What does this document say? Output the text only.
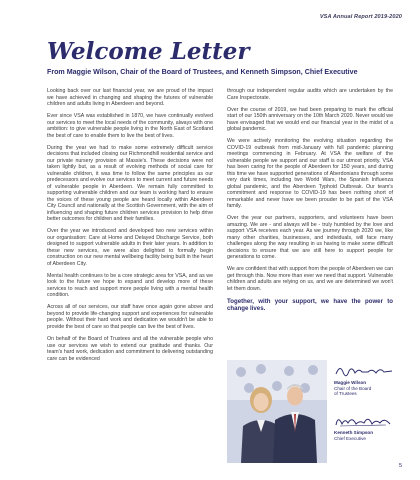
VSA Annual Report 2019-2020
Welcome Letter
From Maggie Wilson, Chair of the Board of Trustees, and Kenneth Simpson, Chief Executive

Looking back over our last financial year, we are proud of the impact we have achieved in changing and shaping the futures of vulnerable children and adults living in Aberdeen and beyond.

Ever since VSA was established in 1870, we have continually evolved our services to meet the local needs of the community, always with one ambition: to give vulnerable people living in the North East of Scotland the best of care to enable them to live the best of lives.

During the year we had to make some extremely difficult service decisions that included closing our Richmondhill residential service and our private nursery provision at Massie's. These decisions were not taken lightly but, as a result of evolving methods of social care for vulnerable children, it was time to follow the same principles as our predecessors and evolve our services to meet current and future needs of vulnerable people in Aberdeen. We remain fully committed to supporting vulnerable children and our team is working hard to ensure the voices of these young people are heard locally within Aberdeen City Council and nationally at the Scottish Government, with the aim of influencing and shaping future children services provision to help drive better outcomes for children and their families.

Over the year we introduced and developed two new services within our organisation: Care at Home and Delayed Discharge Service, both designed to support vulnerable adults in their later years. In addition to these new services, we were also delighted to formally begin construction on our new mental wellbeing facility being built in the heart of Aberdeen City.

Mental health continues to be a core strategic area for VSA, and as we look to the future we hope to expand and develop more of these services to reach and support more people living with a mental health condition.

Across all of our services, our staff have once again gone above and beyond to provide life-changing support and experiences for vulnerable people. Without their hard work and dedication we wouldn't be able to provide the best of care so that people can live the best of lives.

On behalf of the Board of Trustees and all the vulnerable people who use our services we wish to extend our gratitude and thanks. Our team's hard work, dedication and commitment to delivering outstanding care can be evidenced

through our independent regular audits which are undertaken by the Care Inspectorate.

Over the course of 2019, we had been preparing to mark the official start of our 150th anniversary on the 10th March 2020. Never would we have envisaged that we would end our financial year in the midst of a global pandemic.

We were actively monitoring the evolving situation regarding the COVID-19 outbreak from mid-January with full pandemic planning meetings commencing in February. At VSA the welfare of the vulnerable people we support and our staff is our utmost priority. VSA has been caring for the people of Aberdeen for 150 years, and during this time we have supported generations of Aberdonians through some very dark times, including two World Wars, the Spanish Influenza global pandemic, and the Aberdeen Typhoid Outbreak. Our team's commitment and response to COVID-19 has been nothing short of remarkable and never have we been prouder to be part of the VSA family.

Over the year our partners, supporters, and volunteers have been amazing. We are - and always will be - truly humbled by the love and support VSA receives each year. As we journey through 2020 we, like many other charities, businesses, and individuals, will face many challenges along the way resulting in us having to make some difficult decisions to ensure that we are still here to support people for generations to come.

We are confident that with support from the people of Aberdeen we can get through this. Now more than ever we need that support. Vulnerable children and adults are relying on us, and we are determined we won't let them down.

Together, with your support, we have the power to change lives.

Maggie Wilson
Chair of the Board
of Trustees
Kenneth Simpson
Chief Executive
5
